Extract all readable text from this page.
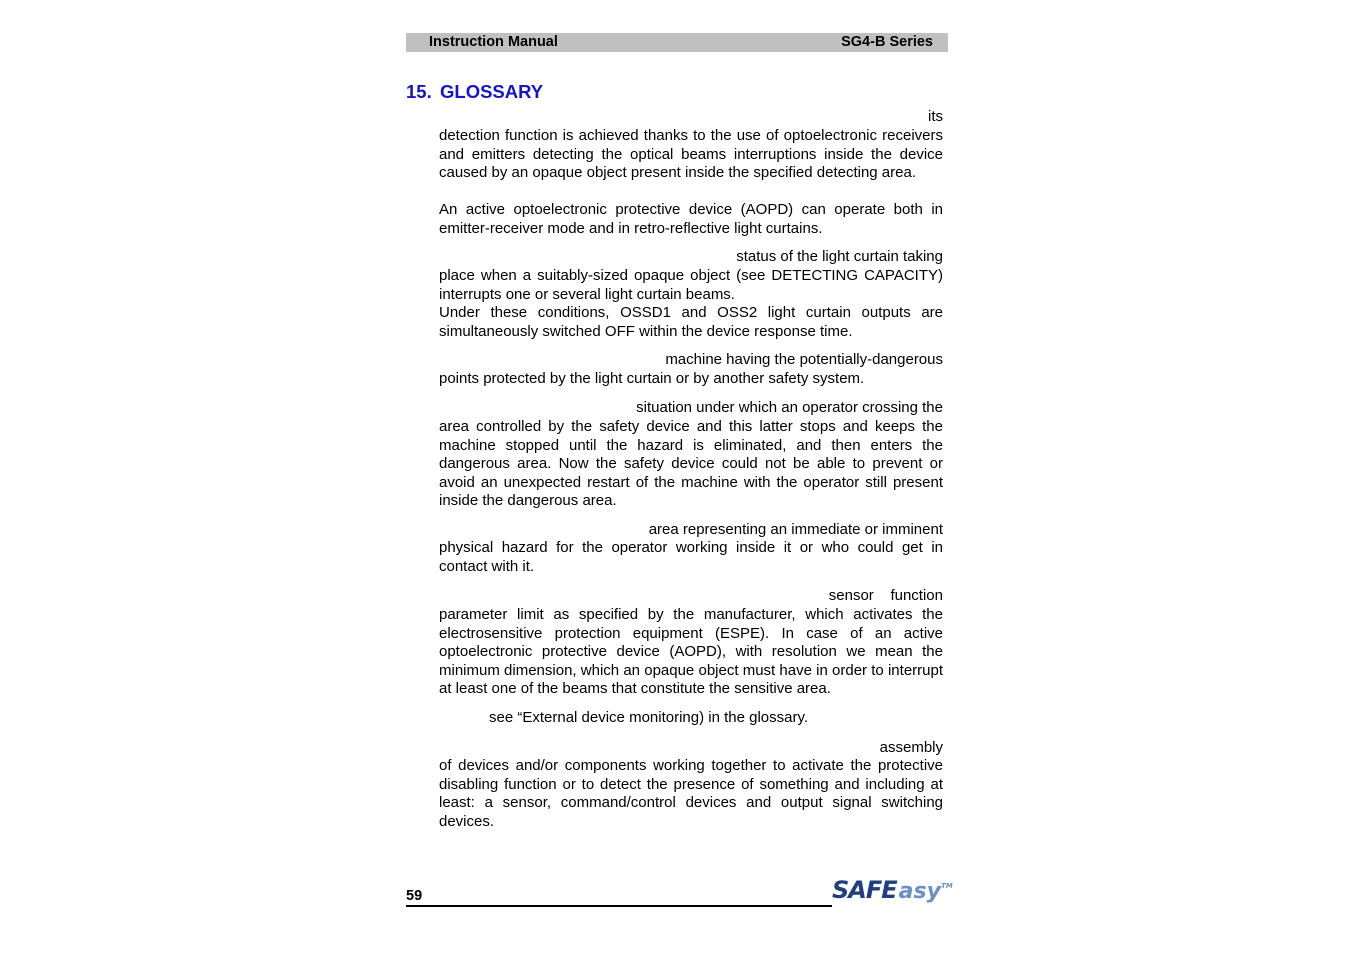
Instruction Manual	SG4-B Series
15. GLOSSARY

its

detection function is achieved thanks to the use of optoelectronic receivers and emitters detecting the optical beams interruptions inside the device caused by an opaque object present inside the specified detecting area.

An active optoelectronic protective device (AOPD) can operate both in emitter-receiver mode and in retro-reflective light curtains.

status of the light curtain taking

place when a suitably-sized opaque object (see DETECTING CAPACITY) interrupts one or several light curtain beams.

Under these conditions, OSSD1 and OSS2 light curtain outputs are simultaneously switched OFF within the device response time.

machine having the potentially-dangerous

points protected by the light curtain or by another safety system.

situation under which an operator crossing the

area controlled by the safety device and this latter stops and keeps the machine stopped until the hazard is eliminated, and then enters the dangerous area. Now the safety device could not be able to prevent or avoid an unexpected restart of the machine with the operator still present inside the dangerous area.

area representing an immediate or imminent

physical hazard for the operator working inside it or who could get in contact with it.

sensor    function

parameter limit as specified by the manufacturer, which activates the electrosensitive protection equipment (ESPE). In case of an active optoelectronic protective device (AOPD), with resolution we mean the minimum dimension, which an opaque object must have in order to interrupt at least one of the beams that constitute the sensitive area.

see “External device monitoring) in the glossary.

assembly

of devices and/or components working together to activate the protective disabling function or to detect the presence of something and including at least: a sensor, command/control devices and output signal switching devices.

59	SAFEasy™
